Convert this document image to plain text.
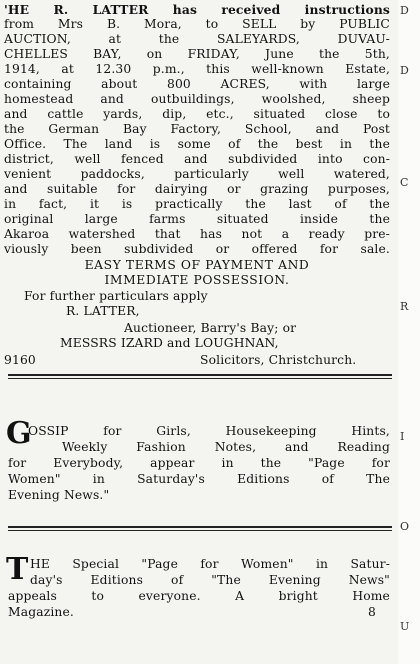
'HE R. LATTER has received instructions
from Mrs B. Mora, to SELL by PUBLIC
AUCTION, at the SALEYARDS, DUVAU-
CHELLES BAY, on FRIDAY, June the 5th,
1914, at 12.30 p.m., this well-known Estate,
containing about 800 ACRES, with large
homestead and outbuildings, woolshed, sheep
and cattle yards, dip, etc., situated close to
the German Bay Factory, School, and Post
Office. The land is some of the best in the
district, well fenced and subdivided into con-
venient paddocks, particularly well watered,
and suitable for dairying or grazing purposes,
in fact, it is practically the last of the
original large farms situated inside the
Akaroa watershed that has not a ready pre-
viously been subdivided or offered for sale.
EASY TERMS OF PAYMENT AND
IMMEDIATE POSSESSION.
For further particulars apply
R. LATTER,
Auctioneer, Barry's Bay; or
MESSRS IZARD and LOUGHNAN,
9160	Solicitors, Christchurch.
G
OSSIP for Girls, Housekeeping Hints,
Weekly Fashion Notes, and Reading
for Everybody, appear in the "Page for
Women" in Saturday's Editions of The
Evening News."
T HE Special "Page for Women" in Satur-
day's Editions of "The Evening News"
appeals to everyone. A bright Home
Magazine.	8
D
D
C
R
I
O
U
